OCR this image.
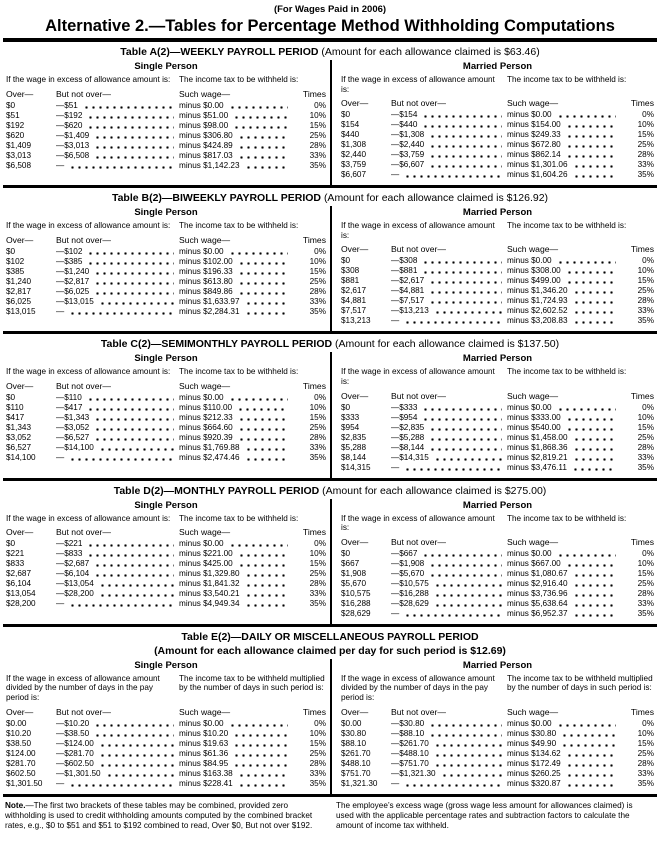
(For Wages Paid in 2006)
Alternative 2.—Tables for Percentage Method Withholding Computations
Table A(2)—WEEKLY PAYROLL PERIOD (Amount for each allowance claimed is $63.46)
Single Person
If the wage in excess of allowance amount is:	The income tax to be withheld is:
Over—	But not over—	Such wage—	Times
$0	—$51	minus $0.00	0%
$51	—$192	minus $51.00	10%
$192	—$620	minus $98.00	15%
$620	—$1,409	minus $306.80	25%
$1,409	—$3,013	minus $424.89	28%
$3,013	—$6,508	minus $817.03	33%
$6,508	—	minus $1,142.23	35%
Married Person
If the wage in excess of allowance amount is:
The income tax to be withheld is:
Over—	But not over—	Such wage—	Times
$0	—$154	minus $0.00	0%
$154	—$440	minus $154.00	10%
$440	—$1,308	minus $249.33	15%
$1,308	—$2,440	minus $672.80	25%
$2,440	—$3,759	minus $862.14	28%
$3,759	—$6,607	minus $1,301.06	33%
$6,607	—	minus $1,604.26	35%
Table B(2)—BIWEEKLY PAYROLL PERIOD (Amount for each allowance claimed is $126.92)
Single Person
If the wage in excess of allowance amount is:	The income tax to be withheld is:
Over—	But not over—	Such wage—	Times
$0	—$102	minus $0.00	0%
$102	—$385	minus $102.00	10%
$385	—$1,240	minus $196.33	15%
$1,240	—$2,817	minus $613.80	25%
$2,817	—$6,025	minus $849.86	28%
$6,025	—$13,015	minus $1,633.97	33%
$13,015	—	minus $2,284.31	35%
Married Person
If the wage in excess of allowance amount is:
The income tax to be withheld is:
Over—	But not over—	Such wage—	Times
$0	—$308	minus $0.00	0%
$308	—$881	minus $308.00	10%
$881	—$2,617	minus $499.00	15%
$2,617	—$4,881	minus $1,346.20	25%
$4,881	—$7,517	minus $1,724.93	28%
$7,517	—$13,213	minus $2,602.52	33%
$13,213	—	minus $3,208.83	35%
Table C(2)—SEMIMONTHLY PAYROLL PERIOD (Amount for each allowance claimed is $137.50)
Single Person
If the wage in excess of allowance amount is:	The income tax to be withheld is:
Over—	But not over—	Such wage—	Times
$0	—$110	minus $0.00	0%
$110	—$417	minus $110.00	10%
$417	—$1,343	minus $212.33	15%
$1,343	—$3,052	minus $664.60	25%
$3,052	—$6,527	minus $920.39	28%
$6,527	—$14,100	minus $1,769.88	33%
$14,100	—	minus $2,474.46	35%
Married Person
If the wage in excess of allowance amount is:
The income tax to be withheld is:
Over—	But not over—	Such wage—	Times
$0	—$333	minus $0.00	0%
$333	—$954	minus $333.00	10%
$954	—$2,835	minus $540.00	15%
$2,835	—$5,288	minus $1,458.00	25%
$5,288	—$8,144	minus $1,868.36	28%
$8,144	—$14,315	minus $2,819.21	33%
$14,315	—	minus $3,476.11	35%
Table D(2)—MONTHLY PAYROLL PERIOD (Amount for each allowance claimed is $275.00)
Single Person
If the wage in excess of allowance amount is:	The income tax to be withheld is:
Over—	But not over—	Such wage—	Times
$0	—$221	minus $0.00	0%
$221	—$833	minus $221.00	10%
$833	—$2,687	minus $425.00	15%
$2,687	—$6,104	minus $1,329.80	25%
$6,104	—$13,054	minus $1,841.32	28%
$13,054	—$28,200	minus $3,540.21	33%
$28,200	—	minus $4,949.34	35%
Married Person
If the wage in excess of allowance amount is:
The income tax to be withheld is:
Over—	But not over—	Such wage—	Times
$0	—$667	minus $0.00	0%
$667	—$1,908	minus $667.00	10%
$1,908	—$5,670	minus $1,080.67	15%
$5,670	—$10,575	minus $2,916.40	25%
$10,575	—$16,288	minus $3,736.96	28%
$16,288	—$28,629	minus $5,638.64	33%
$28,629	—	minus $6,952.37	35%
Table E(2)—DAILY OR MISCELLANEOUS PAYROLL PERIOD
(Amount for each allowance claimed per day for such period is $12.69)
Single Person
If the wage in excess of allowance amount divided by the number of days in the pay period is:
The income tax to be withheld multiplied by the number of days in such period is:
Over—	But not over—	Such wage—	Times
$0.00	—$10.20	minus $0.00	0%
$10.20	—$38.50	minus $10.20	10%
$38.50	—$124.00	minus $19.63	15%
$124.00	—$281.70	minus $61.36	25%
$281.70	—$602.50	minus $84.95	28%
$602.50	—$1,301.50	minus $163.38	33%
$1,301.50	—	minus $228.41	35%
Married Person
If the wage in excess of allowance amount divided by the number of days in the pay period is:
The income tax to be withheld multiplied by the number of days in such period is:
Over—	But not over—	Such wage—	Times
$0.00	—$30.80	minus $0.00	0%
$30.80	—$88.10	minus $30.80	10%
$88.10	—$261.70	minus $49.90	15%
$261.70	—$488.10	minus $134.62	25%
$488.10	—$751.70	minus $172.49	28%
$751.70	—$1,321.30	minus $260.25	33%
$1,321.30	—	minus $320.87	35%
Note.—The first two brackets of these tables may be combined, provided zero withholding is used to credit withholding amounts computed by the combined bracket rates, e.g., $0 to $51 and $51 to $192 combined to read, Over $0, But not over $192.
The employee’s excess wage (gross wage less amount for allowances claimed) is used with the applicable percentage rates and subtraction factors to calculate the amount of income tax withheld.
